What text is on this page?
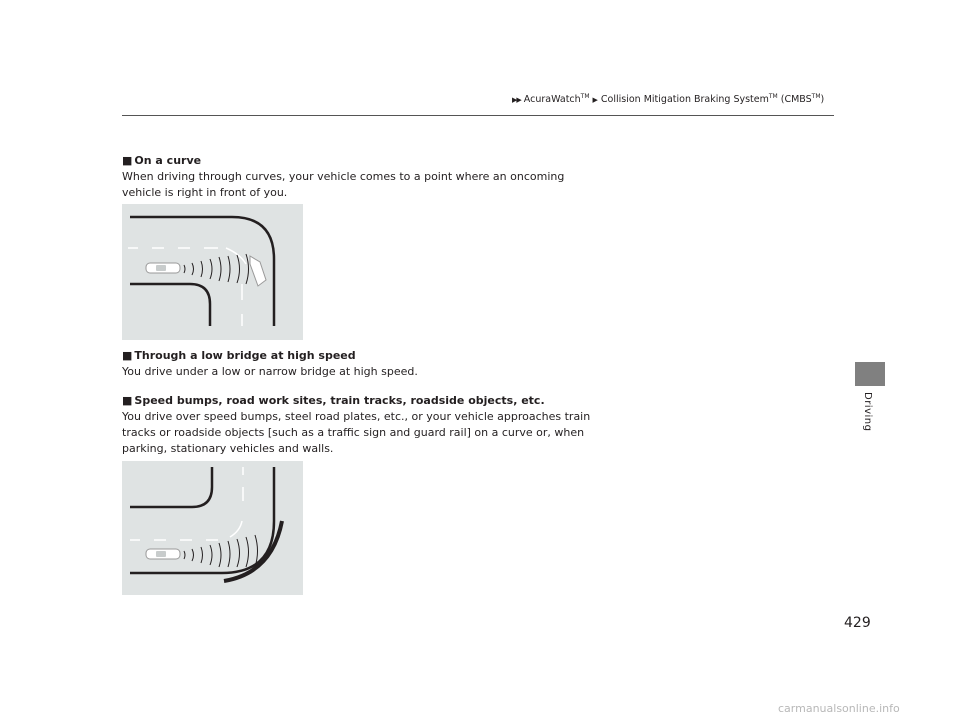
▶▶ AcuraWatch™ ▶ Collision Mitigation Braking System™ (CMBS™)
Driving
■ On a curve

When driving through curves, your vehicle comes to a point where an oncoming

vehicle is right in front of you.

■ Through a low bridge at high speed

You drive under a low or narrow bridge at high speed.

■ Speed bumps, road work sites, train tracks, roadside objects, etc.

You drive over speed bumps, steel road plates, etc., or your vehicle approaches train

tracks or roadside objects [such as a traffic sign and guard rail] on a curve or, when

parking, stationary vehicles and walls.

429
carmanualsonline.info
